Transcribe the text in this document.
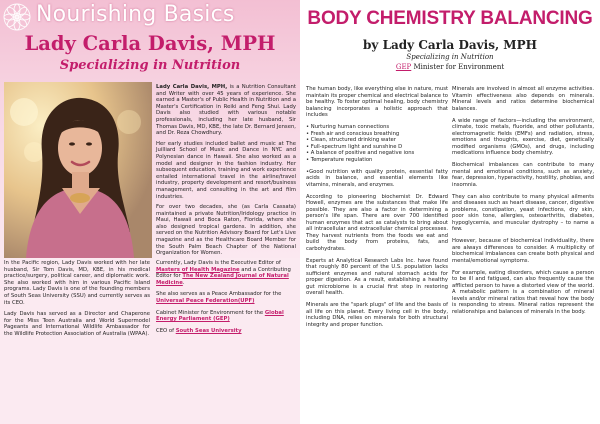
Nourishing Basics
Lady Carla Davis, MPH
Specializing in Nutrition

Lady Carla Davis, MPH, is a Nutrition Consultant and Writer with over 45 years of experience. She earned a Master's of Public Health in Nutrition and a Master's Certification in Reiki and Feng Shui. Lady Davis also studied with various notable professionals, including her late husband, Sir Thomas Davis, MD, KBE, the late Dr. Bernard Jensen, and Dr. Reza Chowdhury.

Her early studies included ballet and music at The Juilliard School of Music and Dance in NYC and Polynesian dance in Hawaii. She also worked as a model and designer in the fashion industry. Her subsequent education, training and work experience entailed international travel in the airline/travel industry, property development and resort/business management, and consulting in the art and film industries.

For over two decades, she (as Carla Cassata) maintained a private Nutrition/Iridology practice in Maui, Hawaii and Boca Raton, Florida, where she also designed tropical gardens. In addition, she served on the Nutrition Advisory Board for Let's Live magazine and as the Healthcare Board Member for the South Palm Beach Chapter of the National Organization for Women.

In the Pacific region, Lady Davis worked with her late husband, Sir Tom Davis, MD, KBE, in his medical practice/surgery, political career, and diplomatic work. She also worked with him in various Pacific Island programs. Lady Davis is one of the founding members of South Seas University (SSU) and currently serves as its CEO.

Lady Davis has served as a Director and Chaperone for the Miss Teen Australia and World Supermodel Pageants and International Wildlife Ambassador for the Wildlife Protection Association of Australia (WPAA).

Currently, Lady Davis is the Executive Editor of Masters of Health Magazine and a Contributing Editor for The New Zealand Journal of Natural Medicine.

She also serves as a Peace Ambassador for the Universal Peace Federation(UPF)

Cabinet Minister for Environment for the Global Energy Parliament (GEP)

CEO of South Seas University

BODY CHEMISTRY BALANCING
by Lady Carla Davis, MPH
Specializing in Nutrition
GEP Minister for Environment

The human body, like everything else in nature, must maintain its proper chemical and electrical balance to be healthy. To foster optimal healing, body chemistry balancing incorporates a holistic approach that includes

• Nurturing human connections
• Fresh air and conscious breathing
• Clean, structured drinking water
• Full-spectrum light and sunshine D
• A balance of positive and negative ions
• Temperature regulation

•Good nutrition with quality protein, essential fatty acids in balance, and essential elements like vitamins, minerals, and enzymes.

According to pioneering biochemist Dr. Edward Howell, enzymes are the substances that make life possible. They are also a factor in determining a person's life span. There are over 700 identified human enzymes that act as catalysts to bring about all intracellular and extracellular chemical processes. They harvest nutrients from the foods we eat and build the body from proteins, fats, and carbohydrates.

Experts at Analytical Research Labs Inc. have found that roughly 80 percent of the U.S. population lacks sufficient enzymes and natural stomach acids for proper digestion. As a result, establishing a healthy gut microbiome is a crucial first step in restoring overall health.

Minerals are the "spark plugs" of life and the basis of all life on this planet. Every living cell in the body, including DNA, relies on minerals for both structural integrity and proper function.

Minerals are involved in almost all enzyme activities. Vitamin effectiveness also depends on minerals. Mineral levels and ratios determine biochemical balances.

A wide range of factors—including the environment, climate, toxic metals, fluoride, and other pollutants, electromagnetic fields (EMFs) and radiation, stress, emotions and thoughts, exercise, diet, genetically modified organisms (GMOs), and drugs, including medications influence body chemistry.

Biochemical imbalances can contribute to many mental and emotional conditions, such as anxiety, fear, depression, hyperactivity, hostility, phobias, and insomnia.

They can also contribute to many physical ailments and diseases such as heart disease, cancer, digestive problems, constipation, yeast infections, dry skin, poor skin tone, allergies, osteoarthritis, diabetes, hypoglycemia, and muscular dystrophy – to name a few.

However, because of biochemical individuality, there are always differences to consider. A multiplicity of biochemical imbalances can create both physical and mental/emotional symptoms.

For example, eating disorders, which cause a person to be ill and fatigued, can also frequently cause the afflicted person to have a distorted view of the world. A metabolic pattern is a combination of mineral levels and/or mineral ratios that reveal how the body is responding to stress. Mineral ratios represent the relationships and balances of minerals in the body.
